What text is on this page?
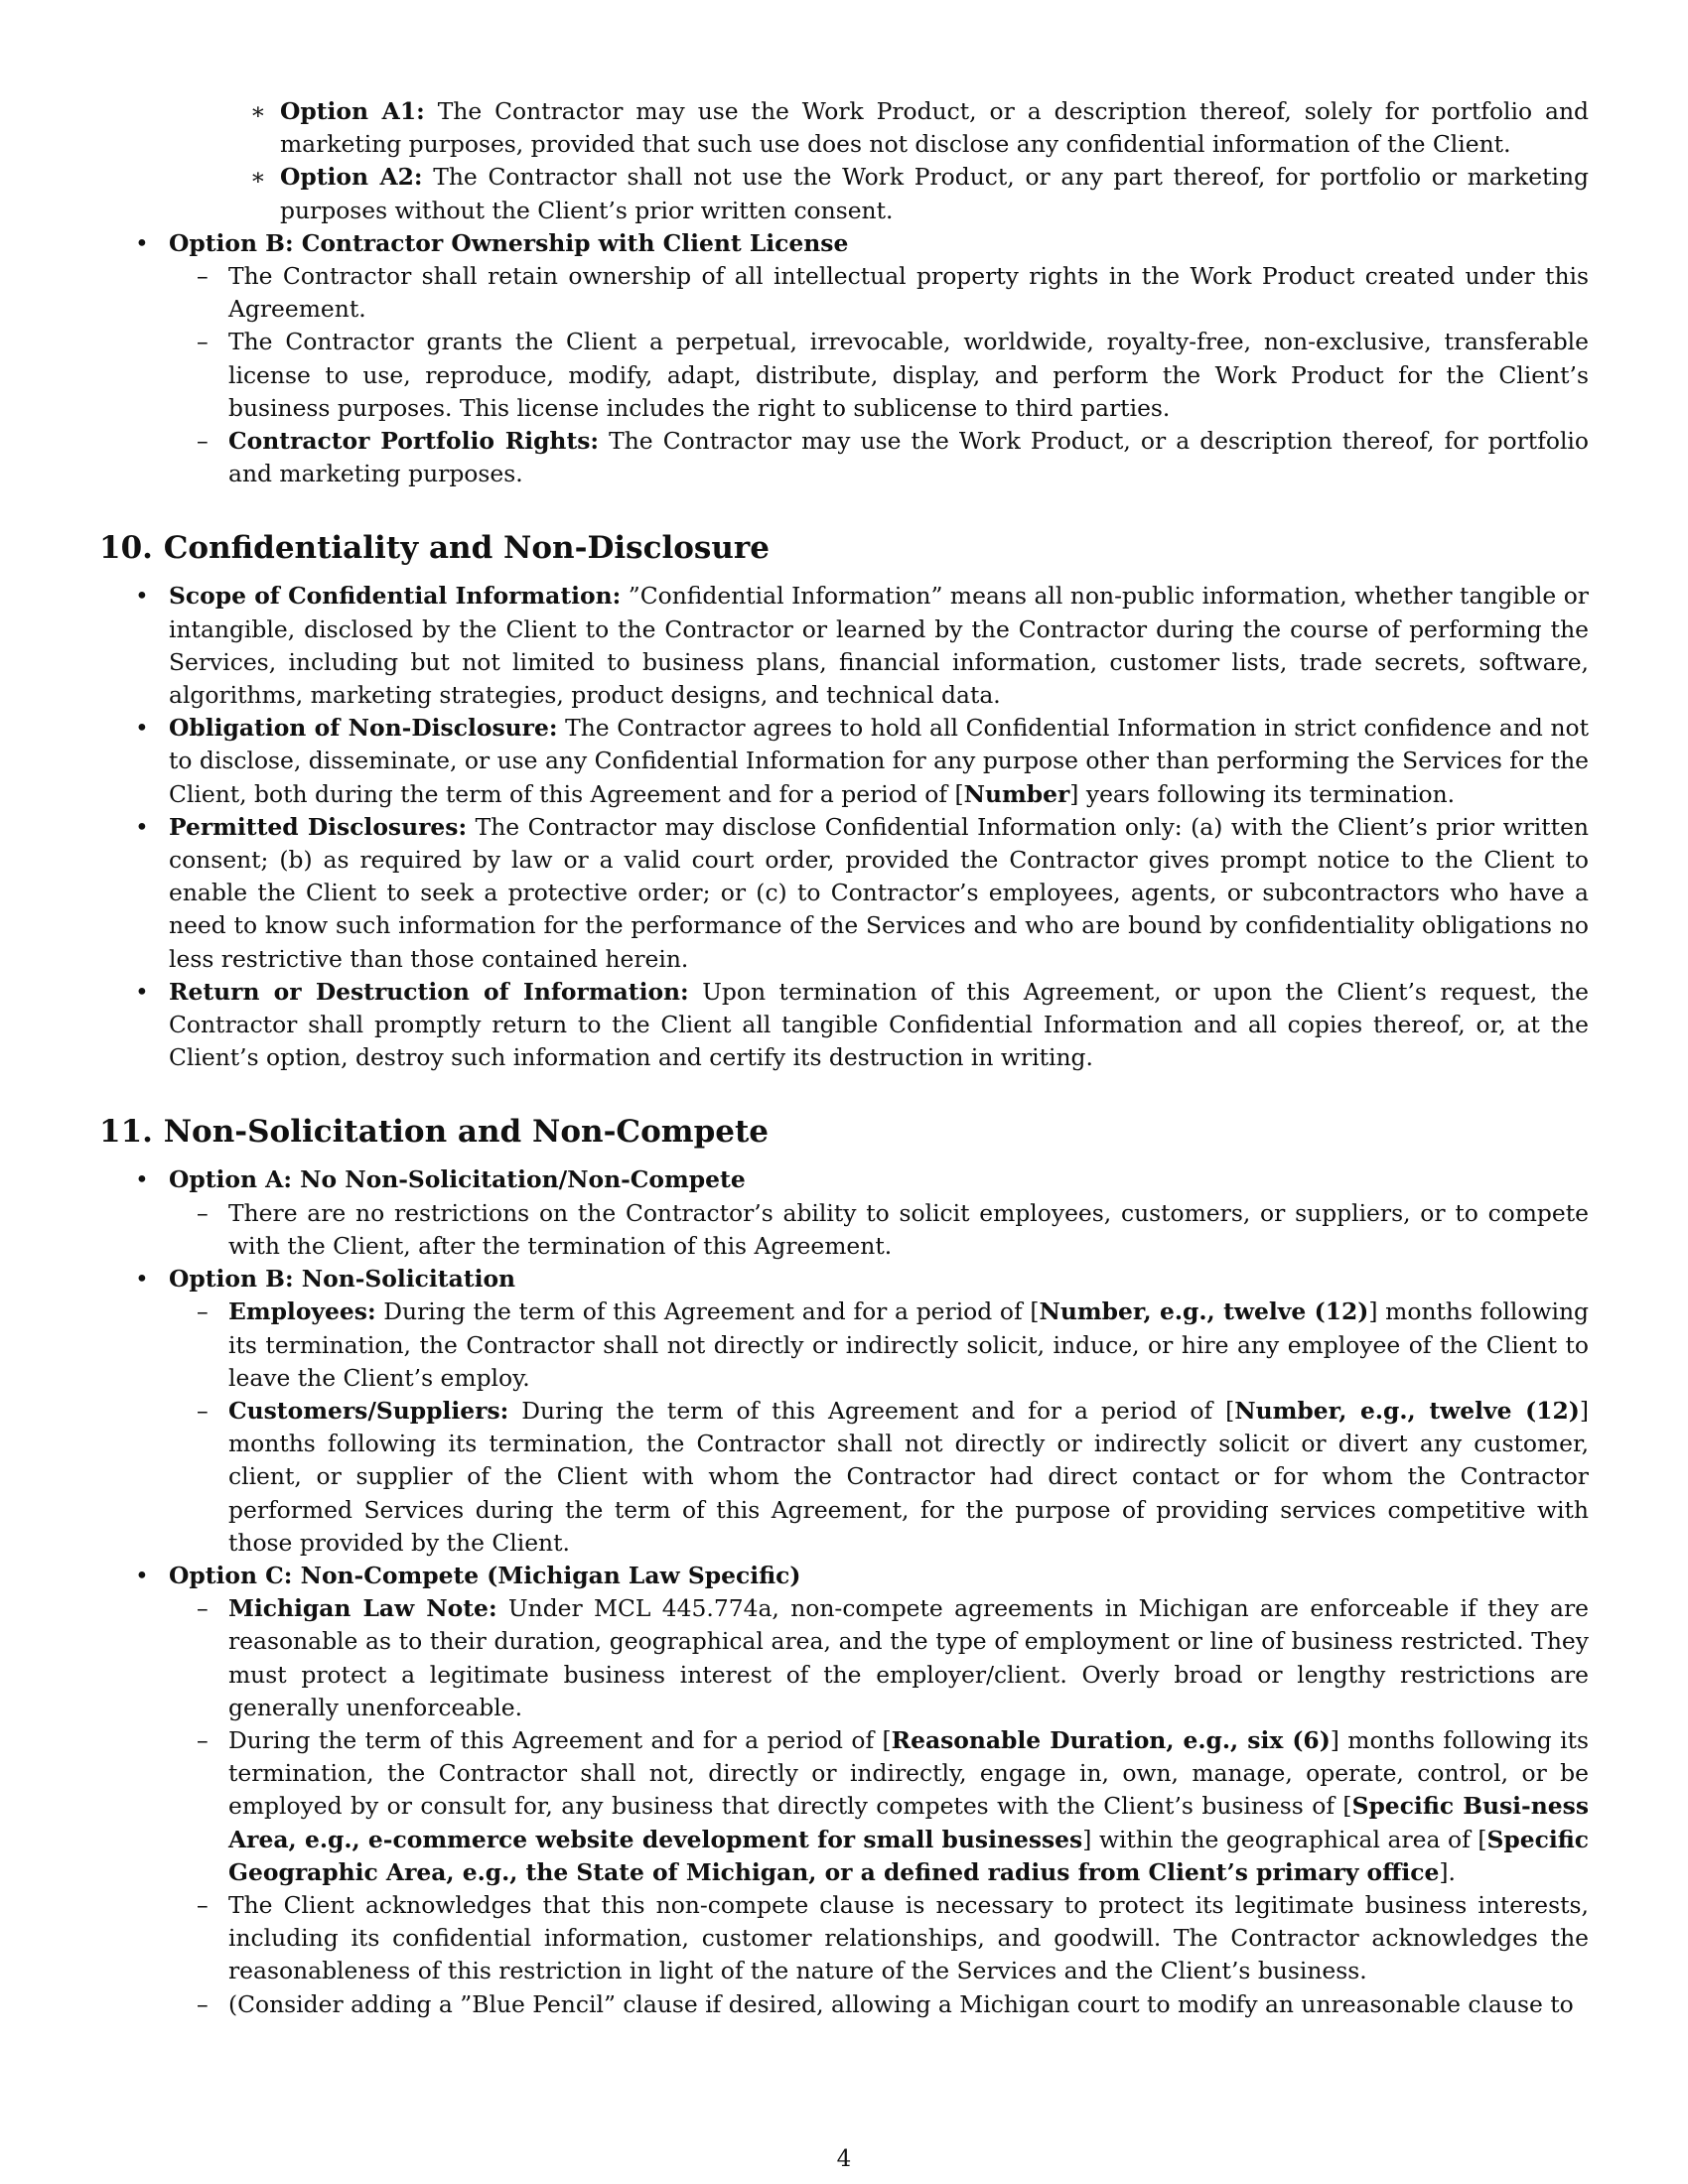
∗ Option A1: The Contractor may use the Work Product, or a description thereof, solely for portfolio and marketing purposes, provided that such use does not disclose any confidential information of the Client.

∗ Option A2: The Contractor shall not use the Work Product, or any part thereof, for portfolio or marketing purposes without the Client’s prior written consent.

• Option B: Contractor Ownership with Client License

– The Contractor shall retain ownership of all intellectual property rights in the Work Product created under this Agreement.

– The Contractor grants the Client a perpetual, irrevocable, worldwide, royalty-free, non-exclusive, transferable license to use, reproduce, modify, adapt, distribute, display, and perform the Work Product for the Client’s business purposes. This license includes the right to sublicense to third parties.

– Contractor Portfolio Rights: The Contractor may use the Work Product, or a description thereof, for portfolio and marketing purposes.

10. Confidentiality and Non-Disclosure

• Scope of Confidential Information: ”Confidential Information” means all non-public information, whether tangible or intangible, disclosed by the Client to the Contractor or learned by the Contractor during the course of performing the Services, including but not limited to business plans, financial information, customer lists, trade secrets, software, algorithms, marketing strategies, product designs, and technical data.

• Obligation of Non-Disclosure: The Contractor agrees to hold all Confidential Information in strict confidence and not to disclose, disseminate, or use any Confidential Information for any purpose other than performing the Services for the Client, both during the term of this Agreement and for a period of [Number] years following its termination.

• Permitted Disclosures: The Contractor may disclose Confidential Information only: (a) with the Client’s prior written consent; (b) as required by law or a valid court order, provided the Contractor gives prompt notice to the Client to enable the Client to seek a protective order; or (c) to Contractor’s employees, agents, or subcontractors who have a need to know such information for the performance of the Services and who are bound by confidentiality obligations no less restrictive than those contained herein.

• Return or Destruction of Information: Upon termination of this Agreement, or upon the Client’s request, the Contractor shall promptly return to the Client all tangible Confidential Information and all copies thereof, or, at the Client’s option, destroy such information and certify its destruction in writing.

11. Non-Solicitation and Non-Compete

• Option A: No Non-Solicitation/Non-Compete

– There are no restrictions on the Contractor’s ability to solicit employees, customers, or suppliers, or to compete with the Client, after the termination of this Agreement.

• Option B: Non-Solicitation

– Employees: During the term of this Agreement and for a period of [Number, e.g., twelve (12)] months following its termination, the Contractor shall not directly or indirectly solicit, induce, or hire any employee of the Client to leave the Client’s employ.

– Customers/Suppliers: During the term of this Agreement and for a period of [Number, e.g., twelve (12)] months following its termination, the Contractor shall not directly or indirectly solicit or divert any customer, client, or supplier of the Client with whom the Contractor had direct contact or for whom the Contractor performed Services during the term of this Agreement, for the purpose of providing services competitive with those provided by the Client.

• Option C: Non-Compete (Michigan Law Specific)

– Michigan Law Note: Under MCL 445.774a, non-compete agreements in Michigan are enforceable if they are reasonable as to their duration, geographical area, and the type of employment or line of business restricted. They must protect a legitimate business interest of the employer/client. Overly broad or lengthy restrictions are generally unenforceable.

– During the term of this Agreement and for a period of [Reasonable Duration, e.g., six (6)] months following its termination, the Contractor shall not, directly or indirectly, engage in, own, manage, operate, control, or be employed by or consult for, any business that directly competes with the Client’s business of [Specific Busi-ness Area, e.g., e-commerce website development for small businesses] within the geographical area of [Specific Geographic Area, e.g., the State of Michigan, or a defined radius from Client’s primary office].

– The Client acknowledges that this non-compete clause is necessary to protect its legitimate business interests, including its confidential information, customer relationships, and goodwill. The Contractor acknowledges the reasonableness of this restriction in light of the nature of the Services and the Client’s business.

– (Consider adding a ”Blue Pencil” clause if desired, allowing a Michigan court to modify an unreasonable clause to

4
